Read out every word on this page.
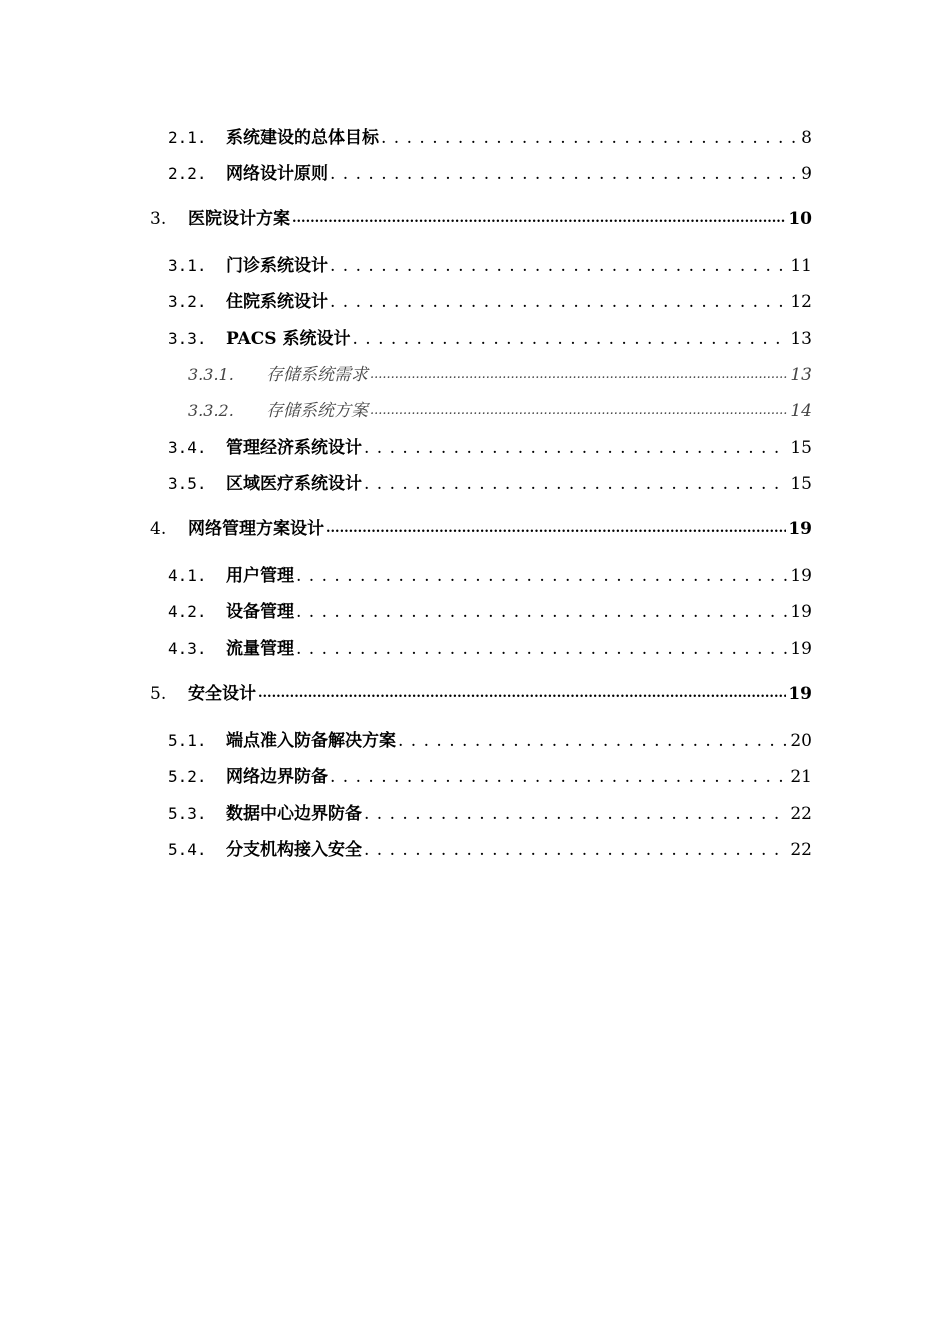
2.1.	系统建设的总体目标 . . .	8
2.2.	网络设计原则 . . .	9
3.	医院设计方案 .....	10
3.1.	门诊系统设计 . . .	11
3.2.	住院系统设计 . . .	12
3.3.	PACS 系统设计 . . .	13
3.3.1.	存储系统需求 .....	13
3.3.2.	存储系统方案 .....	14
3.4.	管理经济系统设计 . . .	15
3.5.	区域医疗系统设计 . . .	15
4.	网络管理方案设计 .....	19
4.1.	用户管理 . . .	19
4.2.	设备管理 . . .	19
4.3.	流量管理 . . .	19
5.	安全设计 .....	19
5.1.	端点准入防备解决方案 . . .	20
5.2.	网络边界防备 . . .	21
5.3.	数据中心边界防备 . . .	22
5.4.	分支机构接入安全 . . .	22
